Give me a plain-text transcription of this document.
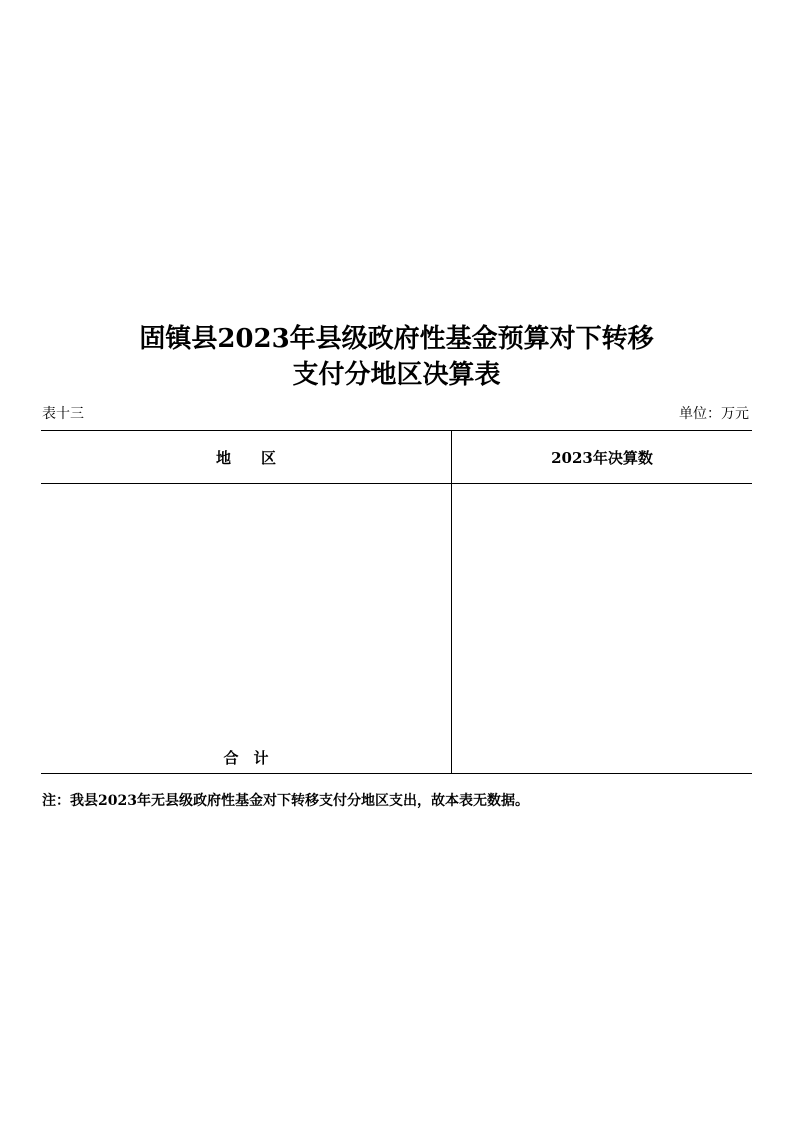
固镇县2023年县级政府性基金预算对下转移
支付分地区决算表
表十三	单位：万元
地　　区	2023年决算数
合　计
注：我县2023年无县级政府性基金对下转移支付分地区支出，故本表无数据。
